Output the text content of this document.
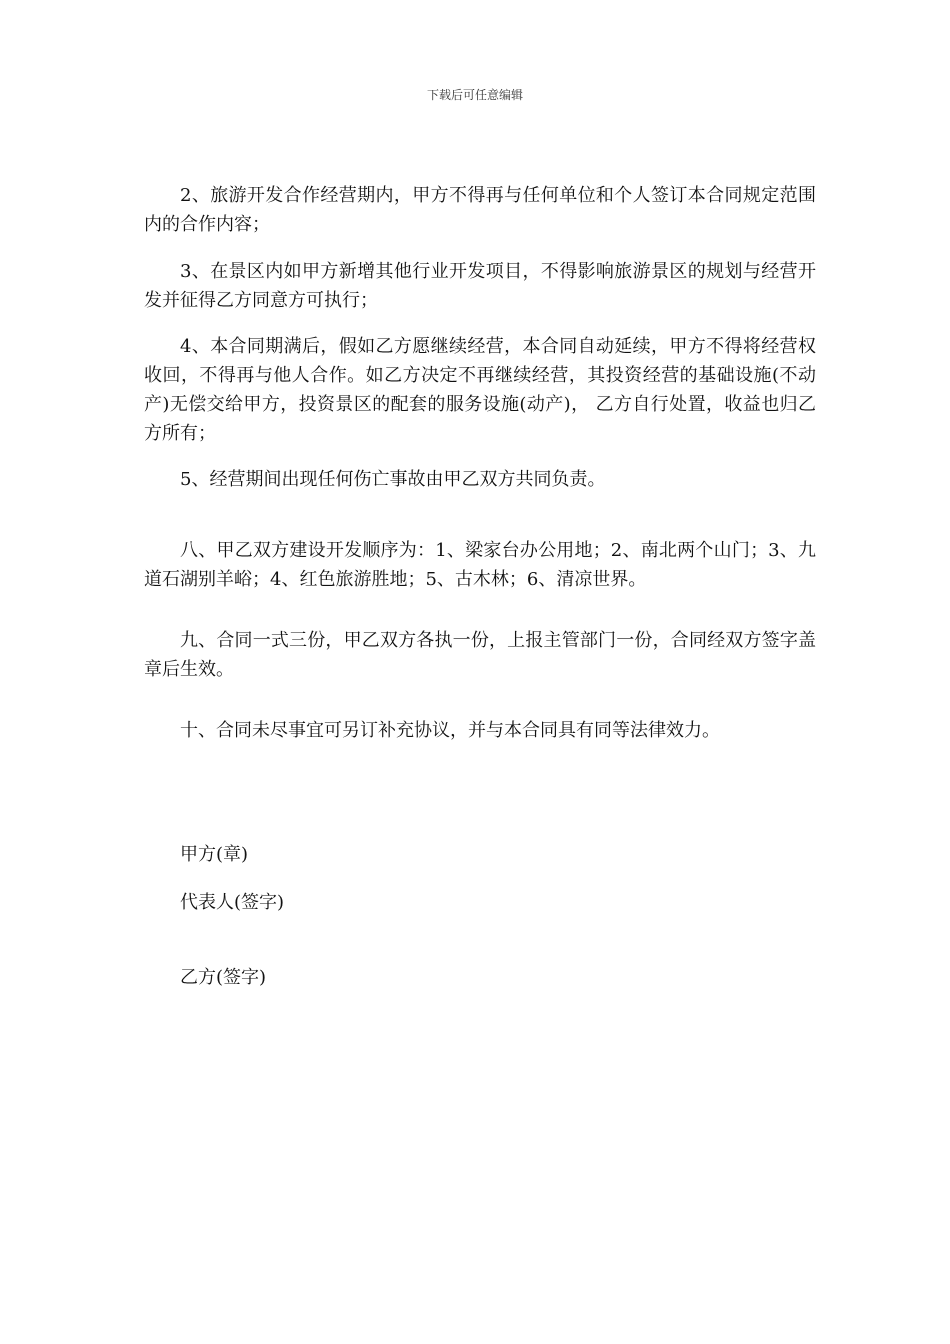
下载后可任意编辑

2、旅游开发合作经营期内，甲方不得再与任何单位和个人签订本合同规定范围内的合作内容；

3、在景区内如甲方新增其他行业开发项目，不得影响旅游景区的规划与经营开发并征得乙方同意方可执行；

4、本合同期满后，假如乙方愿继续经营，本合同自动延续，甲方不得将经营权收回，不得再与他人合作。如乙方决定不再继续经营，其投资经营的基础设施(不动产)无偿交给甲方，投资景区的配套的服务设施(动产)， 乙方自行处置，收益也归乙方所有；

5、经营期间出现任何伤亡事故由甲乙双方共同负责。

八、甲乙双方建设开发顺序为：1、梁家台办公用地；2、南北两个山门；3、九道石湖别羊峪；4、红色旅游胜地；5、古木林；6、清凉世界。

九、合同一式三份，甲乙双方各执一份，上报主管部门一份，合同经双方签字盖章后生效。

十、合同未尽事宜可另订补充协议，并与本合同具有同等法律效力。

甲方(章)

代表人(签字)

乙方(签字)
